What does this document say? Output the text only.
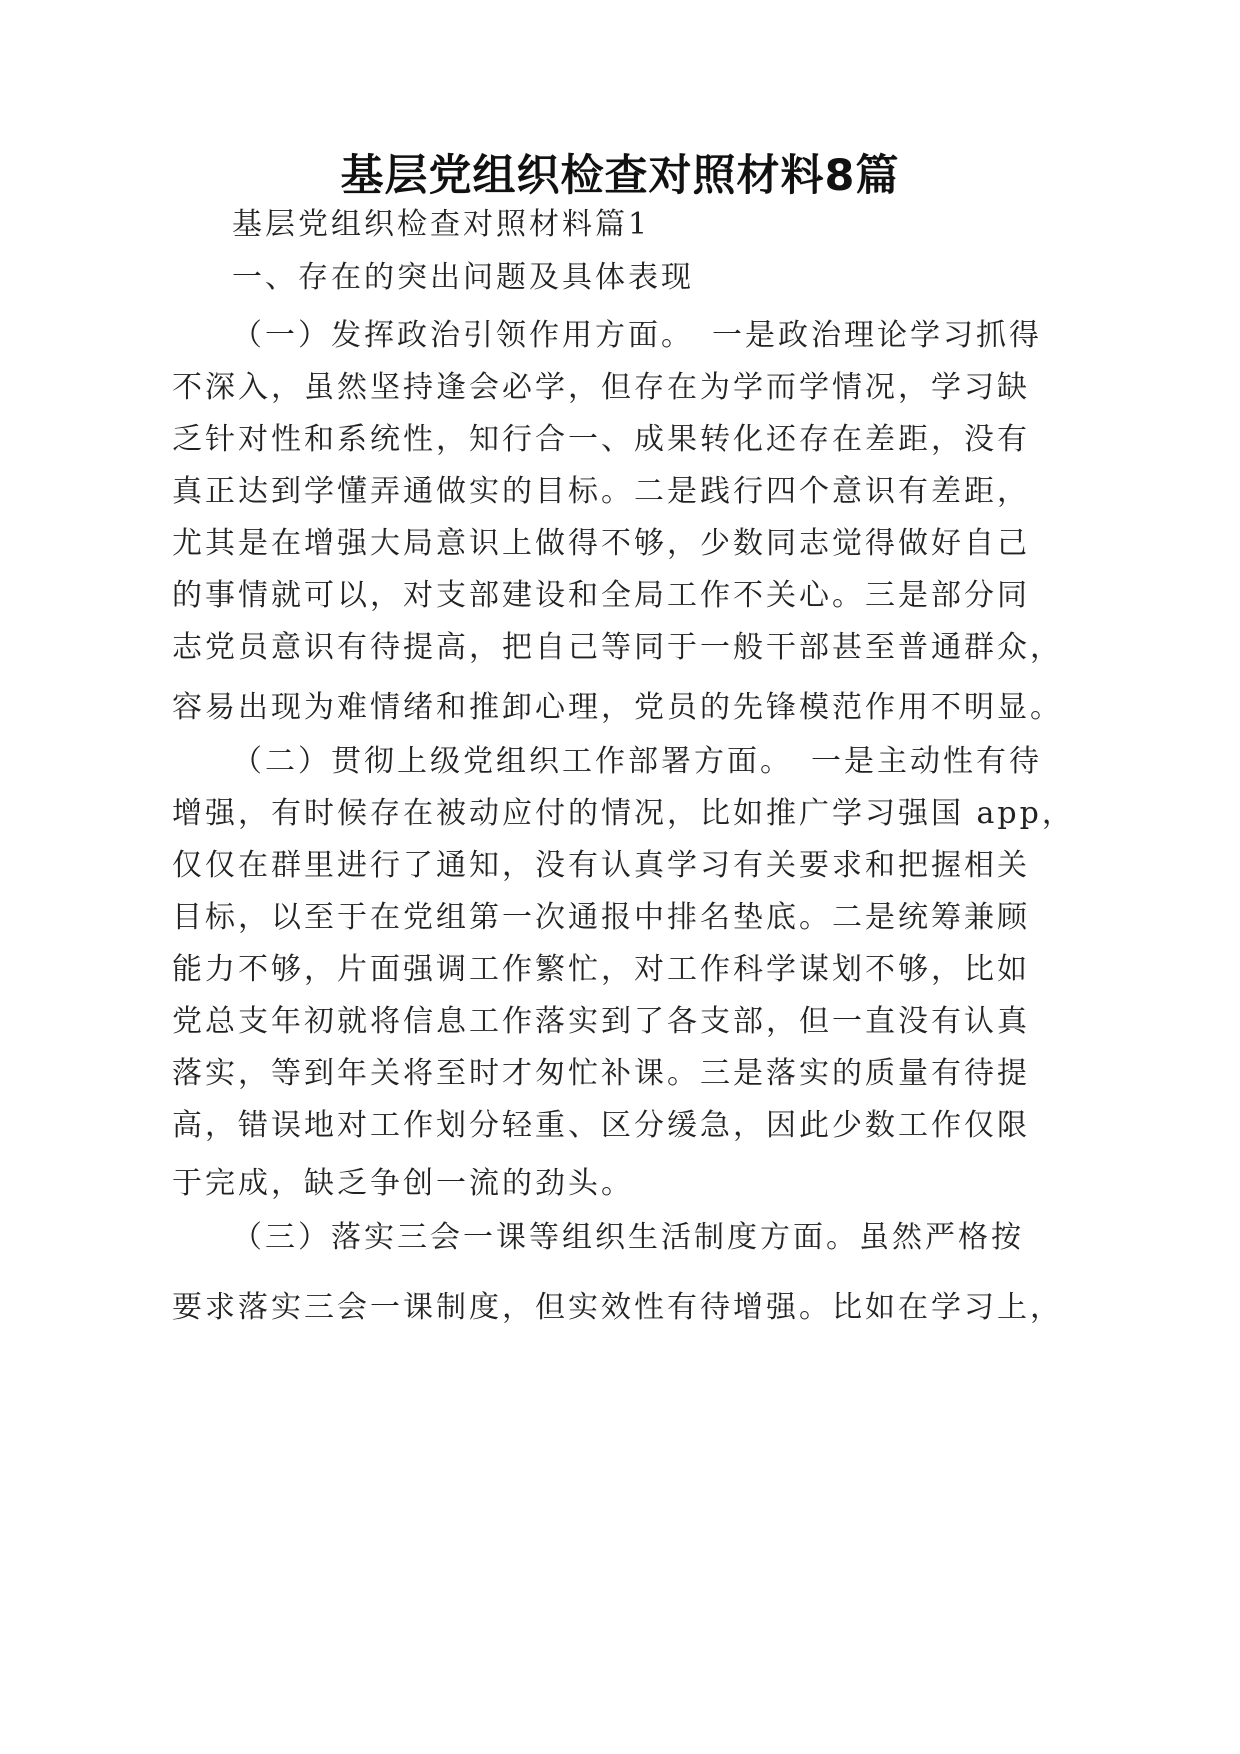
基层党组织检查对照材料8篇
基层党组织检查对照材料篇1
一、存在的突出问题及具体表现
（一）发挥政治引领作用方面。　一是政治理论学习抓得
不深入，虽然坚持逢会必学，但存在为学而学情况，学习缺
乏针对性和系统性，知行合一、成果转化还存在差距，没有
真正达到学懂弄通做实的目标。二是践行四个意识有差距，
尤其是在增强大局意识上做得不够，少数同志觉得做好自己
的事情就可以，对支部建设和全局工作不关心。三是部分同
志党员意识有待提高，把自己等同于一般干部甚至普通群众，
容易出现为难情绪和推卸心理，党员的先锋模范作用不明显。
（二）贯彻上级党组织工作部署方面。　一是主动性有待
增强，有时候存在被动应付的情况，比如推广学习强国 app，
仅仅在群里进行了通知，没有认真学习有关要求和把握相关
目标，以至于在党组第一次通报中排名垫底。二是统筹兼顾
能力不够，片面强调工作繁忙，对工作科学谋划不够，比如
党总支年初就将信息工作落实到了各支部，但一直没有认真
落实，等到年关将至时才匆忙补课。三是落实的质量有待提
高，错误地对工作划分轻重、区分缓急，因此少数工作仅限
于完成，缺乏争创一流的劲头。
（三）落实三会一课等组织生活制度方面。虽然严格按
要求落实三会一课制度，但实效性有待增强。比如在学习上，
